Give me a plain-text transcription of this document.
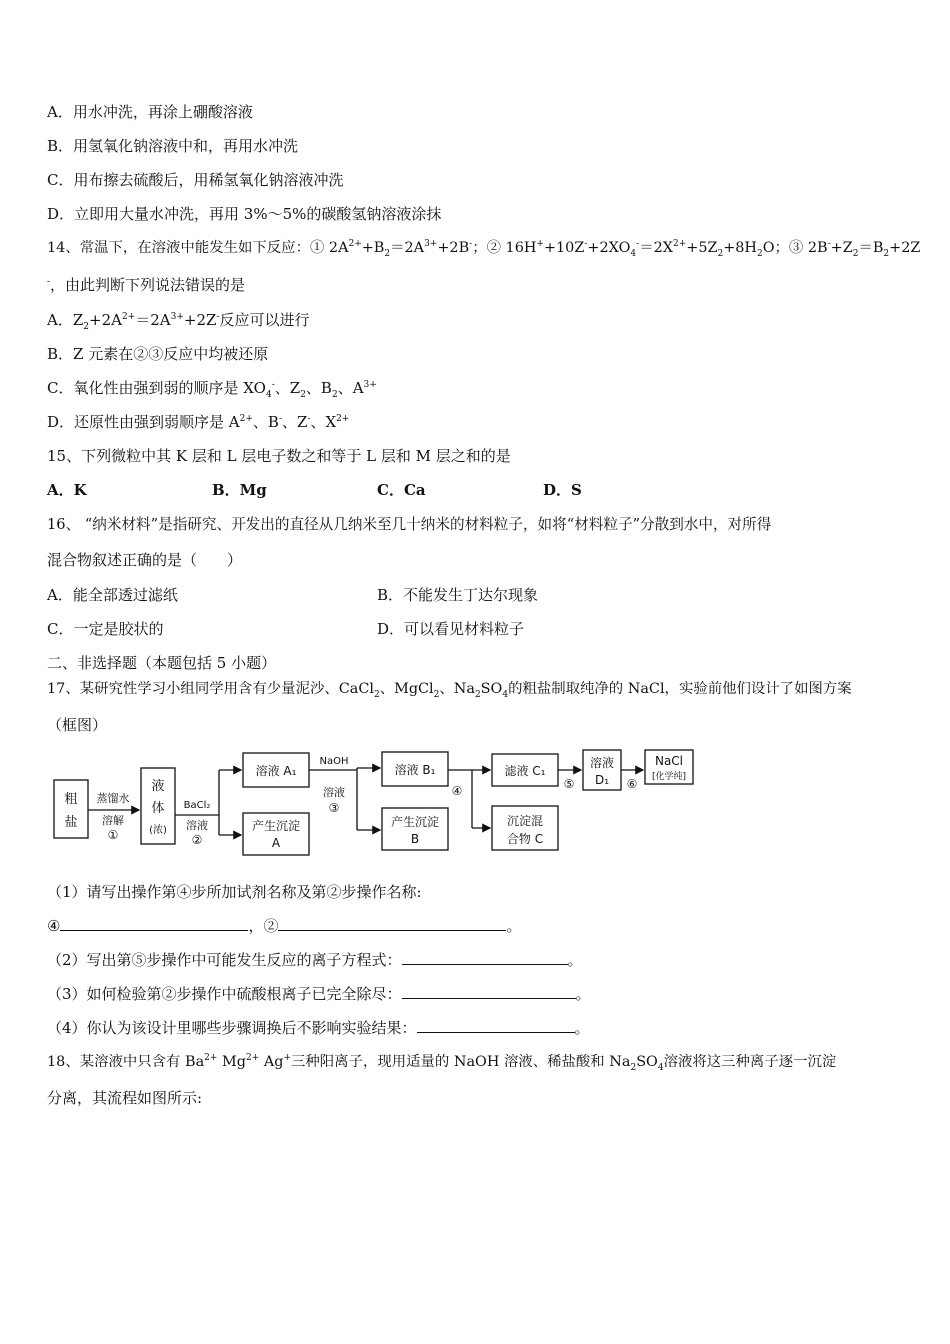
A．用水冲洗，再涂上硼酸溶液
B．用氢氧化钠溶液中和，再用水冲洗
C．用布擦去硫酸后，用稀氢氧化钠溶液冲洗
D．立即用大量水冲洗，再用 3%～5%的碳酸氢钠溶液涂抹
14、常温下，在溶液中能发生如下反应：① $2A^{2+}+B_2=2A^{3+}+2B^-$；② $16H^++10Z^-+2XO_4^-=2X^{2+}+5Z_2+8H_2O$；③ $2B^-+Z_2=B_2+2Z$
-，由此判断下列说法错误的是
A．$Z_2+2A^{2+}=2A^{3+}+2Z^-$反应可以进行
B．Z 元素在②③反应中均被还原
C．氧化性由强到弱的顺序是 $XO_4^-$、$Z_2$、$B_2$、$A^{3+}$
D．还原性由强到弱顺序是 $A^{2+}$、B-、Z-、$X^{2+}$
15、下列微粒中其 K 层和 L 层电子数之和等于 L 层和 M 层之和的是
A．K	B．Mg	C．Ca	D．S
16、 “纳米材料”是指研究、开发出的直径从几纳米至几十纳米的材料粒子，如将“材料粒子”分散到水中，对所得
混合物叙述正确的是（　　）
A．能全部透过滤纸	B．不能发生丁达尔现象
C．一定是胶状的	D．可以看见材料粒子
二、非选择题（本题包括 5 小题）
17、某研究性学习小组同学用含有少量泥沙、CaCl$_2$、MgCl$_2$、$Na_2SO_4$的粗盐制取纯净的 NaCl，实验前他们设计了如图方案
（框图）
粗
盐
蒸馏水
溶解
①
液
体
(浓)
BaCl₂
溶液
②
溶液 A₁
产生沉淀
A
NaOH
溶液
③
溶液 B₁
产生沉淀
B
④
滤液 C₁
沉淀混
合物 C
⑤
溶液
D₁ ⑥
NaCl
[化学纯]
（1）请写出操作第④步所加试剂名称及第②步操作名称:
④	，②	。
（2）写出第⑤步操作中可能发生反应的离子方程式：	。
（3）如何检验第②步操作中硫酸根离子已完全除尽：	。
（4）你认为该设计里哪些步骤调换后不影响实验结果：	。
18、某溶液中只含有 $Ba^{2+}$ $Mg^{2+}$ Ag+三种阳离子，现用适量的 NaOH 溶液、稀盐酸和 $Na_2SO_4$溶液将这三种离子逐一沉淀
分离，其流程如图所示:
